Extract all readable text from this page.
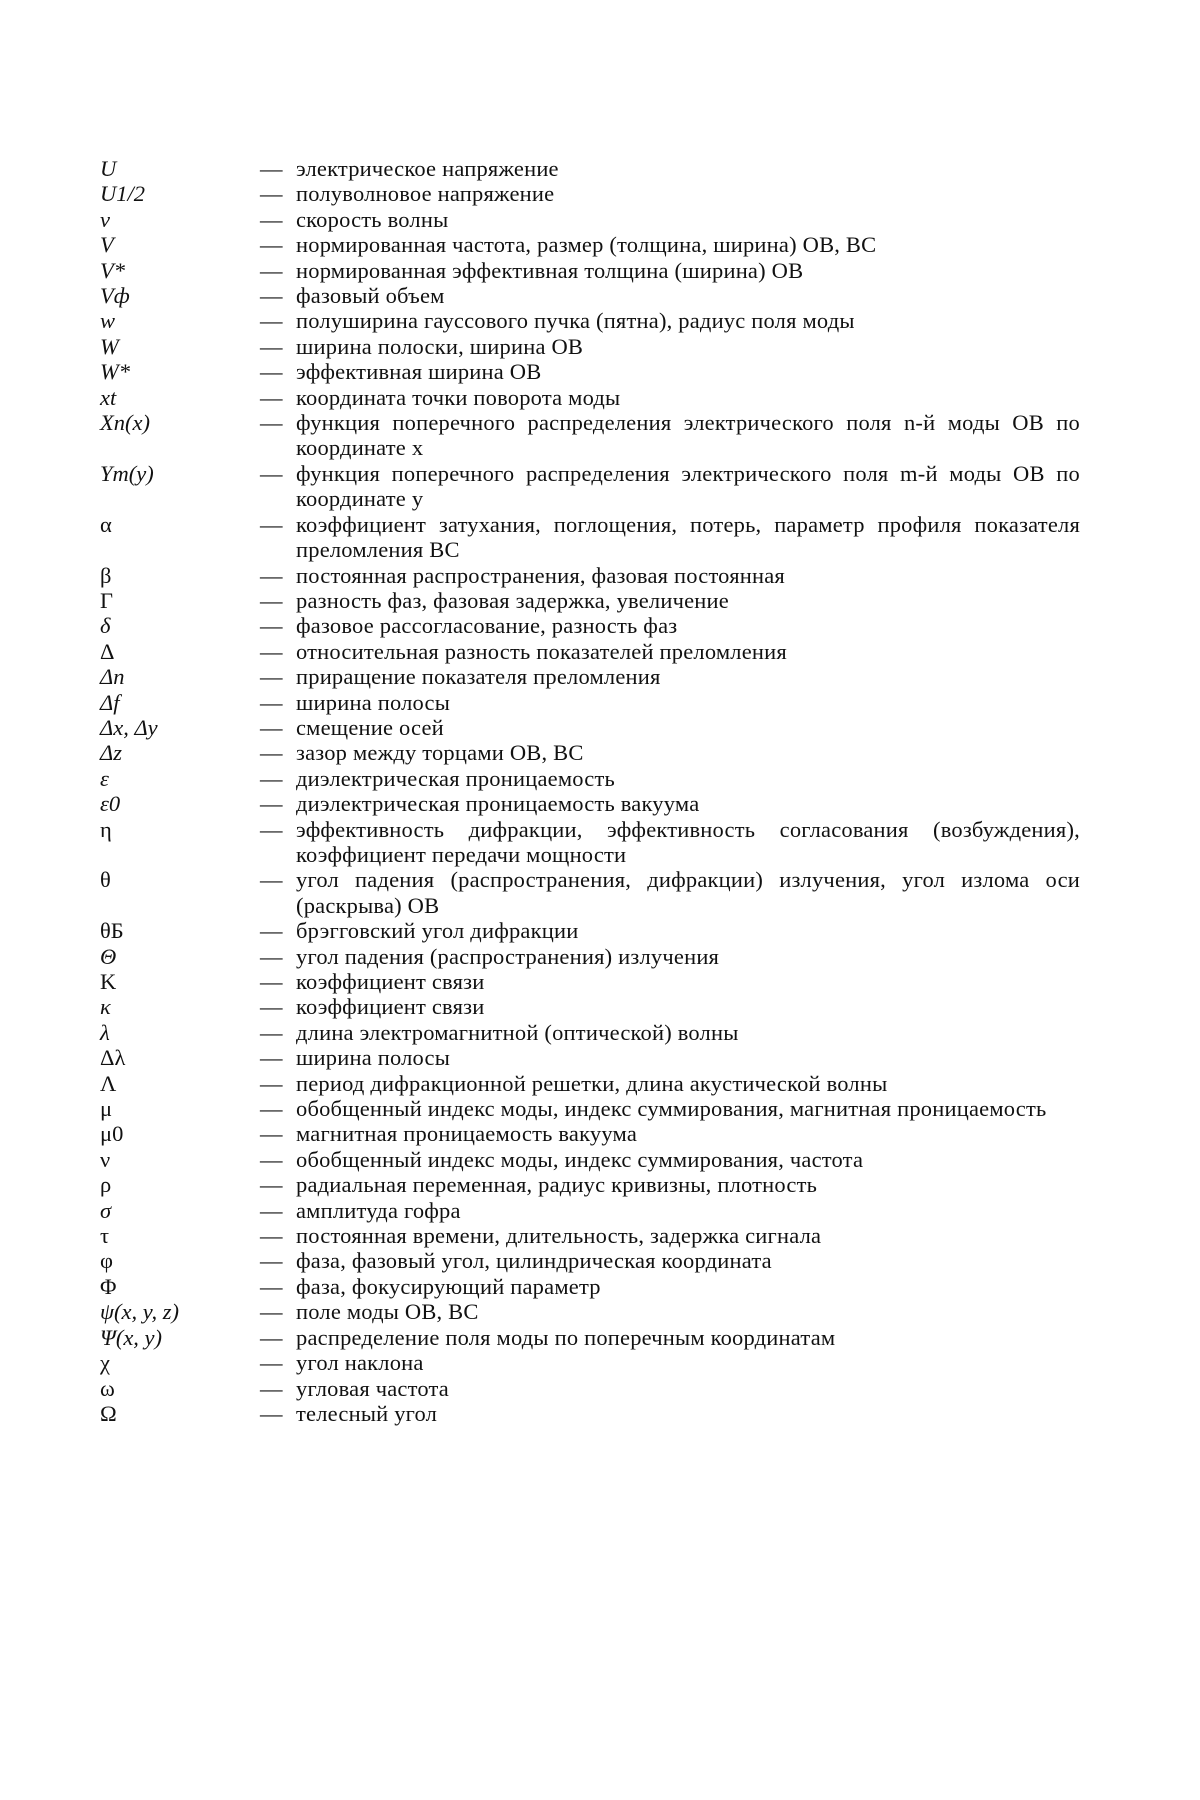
U	— электрическое напряжение
U1/2	— полуволновое напряжение
v	— скорость волны
V	— нормированная частота, размер (толщина, ширина) ОВ, ВС
V*	— нормированная эффективная толщина (ширина) ОВ
Vф	— фазовый объем
w	— полуширина гауссового пучка (пятна), радиус поля моды
W	— ширина полоски, ширина ОВ
W*	— эффективная ширина ОВ
xt	— координата точки поворота моды
Xn(x)	— функция поперечного распределения электрического поля n-й моды ОВ по координате x
Ym(y)	— функция поперечного распределения электрического поля m-й моды ОВ по координате y
α	— коэффициент затухания, поглощения, потерь, параметр профиля показателя преломления ВС
β	— постоянная распространения, фазовая постоянная
Γ	— разность фаз, фазовая задержка, увеличение
δ	— фазовое рассогласование, разность фаз
Δ	— относительная разность показателей преломления
Δn	— приращение показателя преломления
Δf	— ширина полосы
Δx, Δy	— смещение осей
Δz	— зазор между торцами ОВ, ВС
ε	— диэлектрическая проницаемость
ε0	— диэлектрическая проницаемость вакуума
η	— эффективность дифракции, эффективность согласования (возбуждения), коэффициент передачи мощности
θ	— угол падения (распространения, дифракции) излучения, угол излома оси (раскрыва) ОВ
θБ	— брэгговский угол дифракции
Θ	— угол падения (распространения) излучения
K	— коэффициент связи
κ	— коэффициент связи
λ	— длина электромагнитной (оптической) волны
Δλ	— ширина полосы
Λ	— период дифракционной решетки, длина акустической волны
μ	— обобщенный индекс моды, индекс суммирования, магнитная проницаемость
μ0	— магнитная проницаемость вакуума
ν	— обобщенный индекс моды, индекс суммирования, частота
ρ	— радиальная переменная, радиус кривизны, плотность
σ	— амплитуда гофра
τ	— постоянная времени, длительность, задержка сигнала
φ	— фаза, фазовый угол, цилиндрическая координата
Φ	— фаза, фокусирующий параметр
ψ(x, y, z)	— поле моды ОВ, ВС
Ψ(x, y)	— распределение поля моды по поперечным координатам
χ	— угол наклона
ω	— угловая частота
Ω	— телесный угол
